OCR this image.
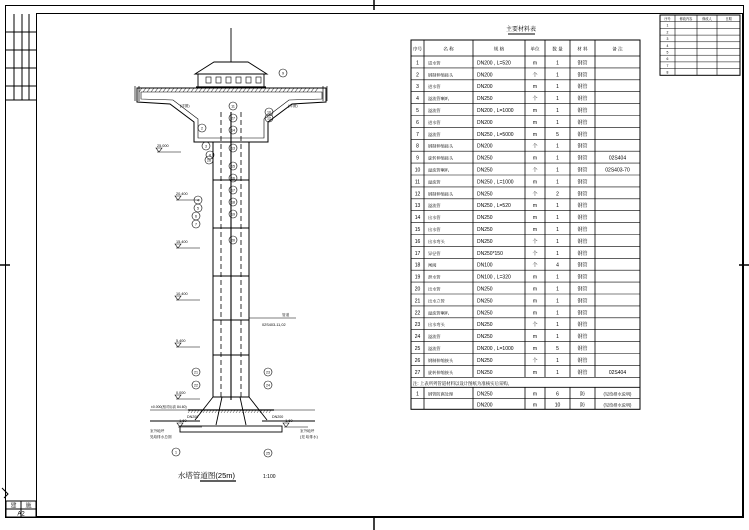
建 施
A2
(详图)	(详图)
DN200	DN200
室外地坪
见给排水总图
室外地坪
(见 给排水)
±0.000(相对标高 84.60)
管道
02S403-11,02
25.000
20.400
15.400
10.400
5.400
0.000
-1.60	-1.60
1
2
3
4
5
6
7
8
9
10
11
12
13
14
15
16
17
18
19
20
21
22
23
24
25
26
27
水塔管道图(25m)	1:100
主要材料表
序号	名 称	规 格	单位	数 量	材 料	备 注
1 进水管	DN200 , L=520	m	1	钢管
2 钢制伸缩接头	DN200	个	1	钢管
3 进水管	DN200	m	1	钢管
4 溢流管喇叭	DN250	个	1	钢管
5 溢流管	DN200 , L=1000	m	1	钢管
6 进水管	DN200	m	1	钢管
7 溢流管	DN250 , L=5000	m	5	钢管
8 钢制伸缩接头	DN200	个	1	钢管
9 旋转伸缩接头	DN250	m	1	钢管	02S404
10 溢流管喇叭	DN250	个	1	钢管	02S403-70
11 溢流管	DN250 , L=1000	m	1	钢管
12 钢制伸缩接头	DN250	个	2	钢管
13 溢流管	DN250 , L=520	m	1	钢管
14 出水管	DN250	m	1	钢管
15 出水管	DN250	m	1	钢管
16 出水弯头	DN250	个	1	钢管
17 异径管	DN250*150	个	1	钢管
18 闸阀	DN100	个	4	钢管
19 泄水管	DN100 , L=320	m	1	钢管
20 出水管	DN250	m	1	钢管
21 出水立管	DN250	m	1	钢管
22 溢流管喇叭	DN250	m	1	钢管
23 出水弯头	DN250	个	1	钢管
24 溢流管	DN250	m	1	钢管
25 溢流管	DN200 , L=1000	m	5	钢管
26 钢制伸缩接头	DN250	个	1	钢管
27 旋转伸缩接头	DN250	m	1	钢管	02S404
注: 上表所列管道材料以设计图纸为准核实后采购。
1 钢管防腐处理	DN250	m	6	防	(见给排水说明)
DN200	m	10	防	(见给排水说明)
序号	修改内容	修改人	日期
1
2
3
4
5
6
7
8
